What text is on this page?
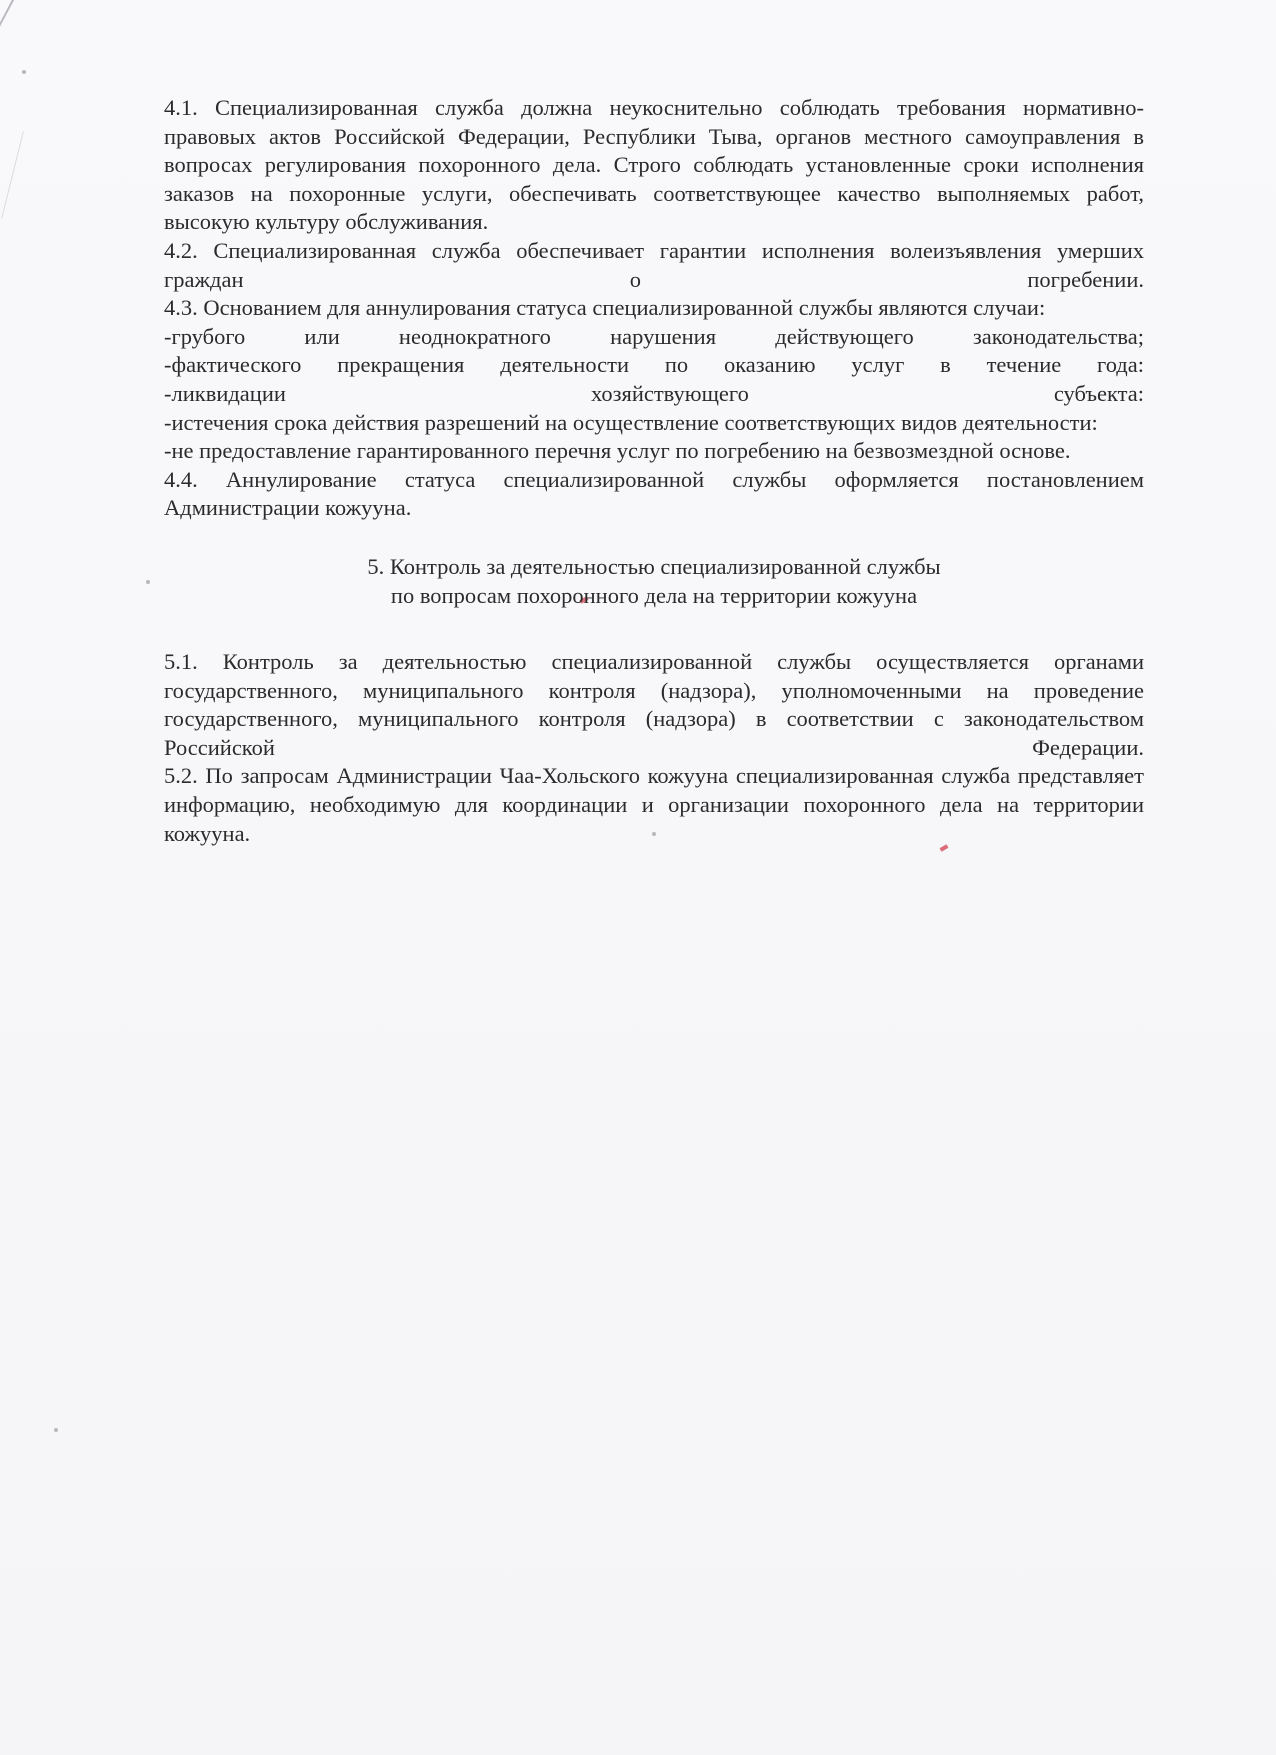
4.1. Специализированная служба должна неукоснительно соблюдать требования нормативно-правовых актов Российской Федерации, Республики Тыва, органов местного самоуправления в вопросах регулирования похоронного дела. Строго соблюдать установленные сроки исполнения заказов на похоронные услуги, обеспечивать соответствующее качество выполняемых работ, высокую культуру обслуживания.

4.2. Специализированная служба обеспечивает гарантии исполнения волеизъявления умерших граждан о погребении.

4.3. Основанием для аннулирования статуса специализированной службы являются случаи:

-грубого или неоднократного нарушения действующего законодательства;

-фактического прекращения деятельности по оказанию услуг в течение года:

-ликвидации хозяйствующего субъекта:

-истечения срока действия разрешений на осуществление соответствующих видов деятельности:

-не предоставление гарантированного перечня услуг по погребению на безвозмездной основе.

4.4. Аннулирование статуса специализированной службы оформляется постановлением Администрации кожууна.

5. Контроль за деятельностью специализированной службы
по вопросам похоронного дела на территории кожууна

5.1. Контроль за деятельностью специализированной службы осуществляется органами государственного, муниципального контроля (надзора), уполномоченными на проведение государственного, муниципального контроля (надзора) в соответствии с законодательством Российской Федерации.

5.2. По запросам Администрации Чаа-Хольского кожууна специализированная служба представляет информацию, необходимую для координации и организации похоронного дела на территории кожууна.
